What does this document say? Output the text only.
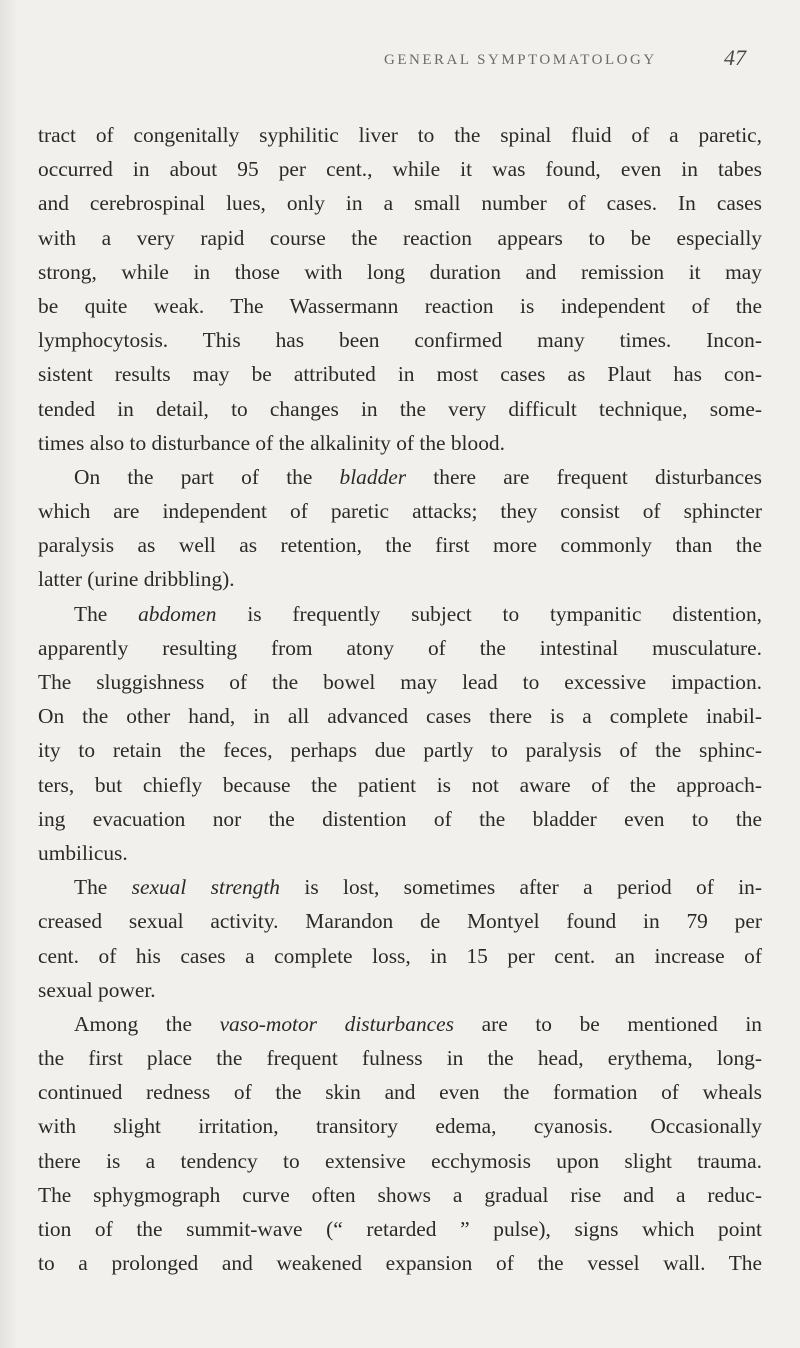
GENERAL SYMPTOMATOLOGY	47
tract of congenitally syphilitic liver to the spinal fluid of a paretic,
occurred in about 95 per cent., while it was found, even in tabes
and cerebrospinal lues, only in a small number of cases. In cases
with a very rapid course the reaction appears to be especially
strong, while in those with long duration and remission it may
be quite weak. The Wassermann reaction is independent of the
lymphocytosis. This has been confirmed many times. Incon-
sistent results may be attributed in most cases as Plaut has con-
tended in detail, to changes in the very difficult technique, some-
times also to disturbance of the alkalinity of the blood.
On the part of the bladder there are frequent disturbances
which are independent of paretic attacks; they consist of sphincter
paralysis as well as retention, the first more commonly than the
latter (urine dribbling).
The abdomen is frequently subject to tympanitic distention,
apparently resulting from atony of the intestinal musculature.
The sluggishness of the bowel may lead to excessive impaction.
On the other hand, in all advanced cases there is a complete inabil-
ity to retain the feces, perhaps due partly to paralysis of the sphinc-
ters, but chiefly because the patient is not aware of the approach-
ing evacuation nor the distention of the bladder even to the
umbilicus.
The sexual strength is lost, sometimes after a period of in-
creased sexual activity. Marandon de Montyel found in 79 per
cent. of his cases a complete loss, in 15 per cent. an increase of
sexual power.
Among the vaso-motor disturbances are to be mentioned in
the first place the frequent fulness in the head, erythema, long-
continued redness of the skin and even the formation of wheals
with slight irritation, transitory edema, cyanosis. Occasionally
there is a tendency to extensive ecchymosis upon slight trauma.
The sphygmograph curve often shows a gradual rise and a reduc-
tion of the summit-wave (“ retarded ” pulse), signs which point
to a prolonged and weakened expansion of the vessel wall. The
